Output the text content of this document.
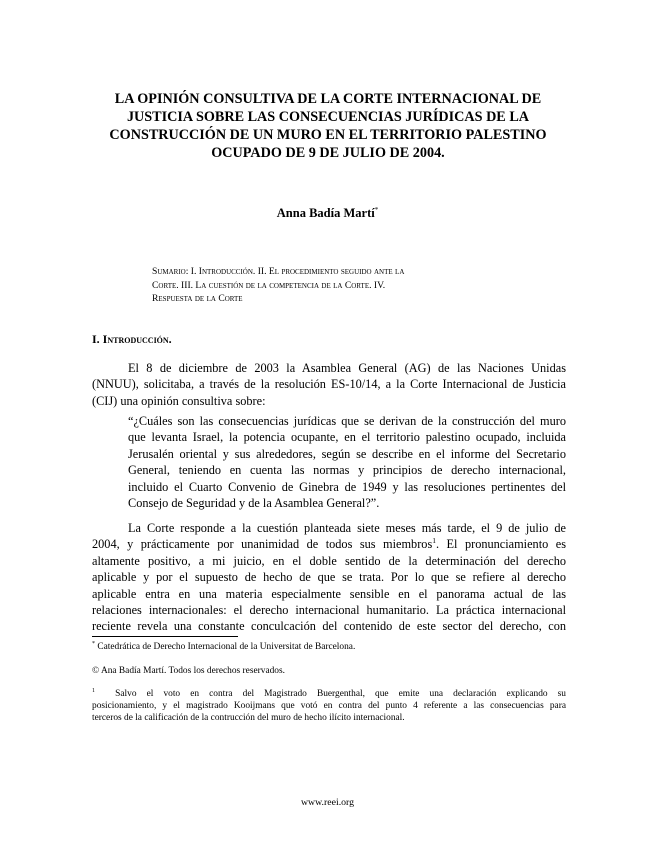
LA OPINIÓN CONSULTIVA DE LA CORTE INTERNACIONAL DE
JUSTICIA SOBRE LAS CONSECUENCIAS JURÍDICAS DE LA
CONSTRUCCIÓN DE UN MURO EN EL TERRITORIO PALESTINO
OCUPADO DE 9 DE JULIO DE 2004.
Anna Badía Martí*
Sumario: I. Introducción. II. El procedimiento seguido ante la
Corte. III. La cuestión de la competencia de la Corte. IV.
Respuesta de la Corte
I. Introducción.
El 8 de diciembre de 2003 la Asamblea General (AG) de las Naciones Unidas
(NNUU), solicitaba, a través de la resolución ES-10/14, a la Corte Internacional de Justicia
(CIJ) una opinión consultiva sobre:
“¿Cuáles son las consecuencias jurídicas que se derivan de la construcción del muro
que levanta Israel, la potencia ocupante, en el territorio palestino ocupado, incluida
Jerusalén oriental y sus alrededores, según se describe en el informe del Secretario
General, teniendo en cuenta las normas y principios de derecho internacional,
incluido el Cuarto Convenio de Ginebra de 1949 y las resoluciones pertinentes del
Consejo de Seguridad y de la Asamblea General?”.
La Corte responde a la cuestión planteada siete meses más tarde, el 9 de julio de
2004, y prácticamente por unanimidad de todos sus miembros$^1$. El pronunciamiento es
altamente positivo, a mi juicio, en el doble sentido de la determinación del derecho
aplicable y por el supuesto de hecho de que se trata. Por lo que se refiere al derecho
aplicable entra en una materia especialmente sensible en el panorama actual de las
relaciones internacionales: el derecho internacional humanitario. La práctica internacional
reciente revela una constante conculcación del contenido de este sector del derecho, con
* Catedrática de Derecho Internacional de la Universitat de Barcelona.
© Ana Badía Martí. Todos los derechos reservados.
$^1$ Salvo el voto en contra del Magistrado Buergenthal, que emite una declaración explicando su
posicionamiento, y el magistrado Kooijmans que votó en contra del punto 4 referente a las consecuencias para
terceros de la calificación de la contrucción del muro de hecho ilícito internacional.
www.reei.org
